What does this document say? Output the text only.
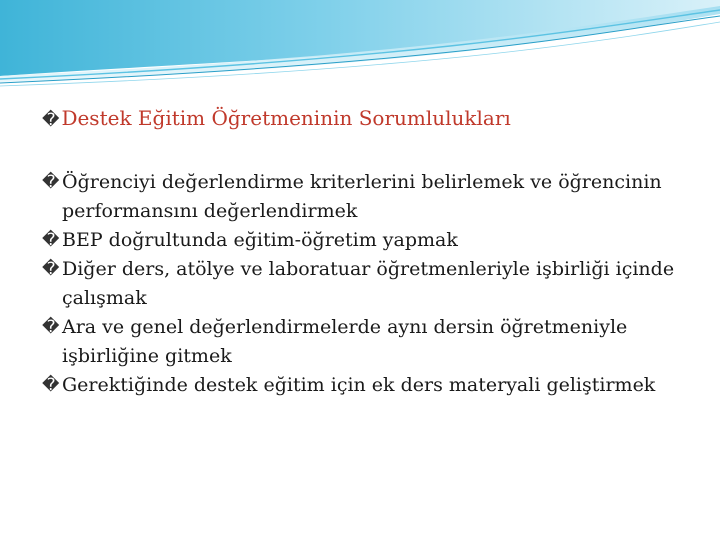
� Destek Eğitim Öğretmeninin Sorumlulukları
� Öğrenciyi değerlendirme kriterlerini belirlemek ve öğrencinin performansını değerlendirmek
� BEP doğrultunda eğitim-öğretim yapmak
� Diğer ders, atölye ve laboratuar öğretmenleriyle işbirliği içinde çalışmak
� Ara ve genel değerlendirmelerde aynı dersin öğretmeniyle işbirliğine gitmek
� Gerektiğinde destek eğitim için ek ders materyali geliştirmek
